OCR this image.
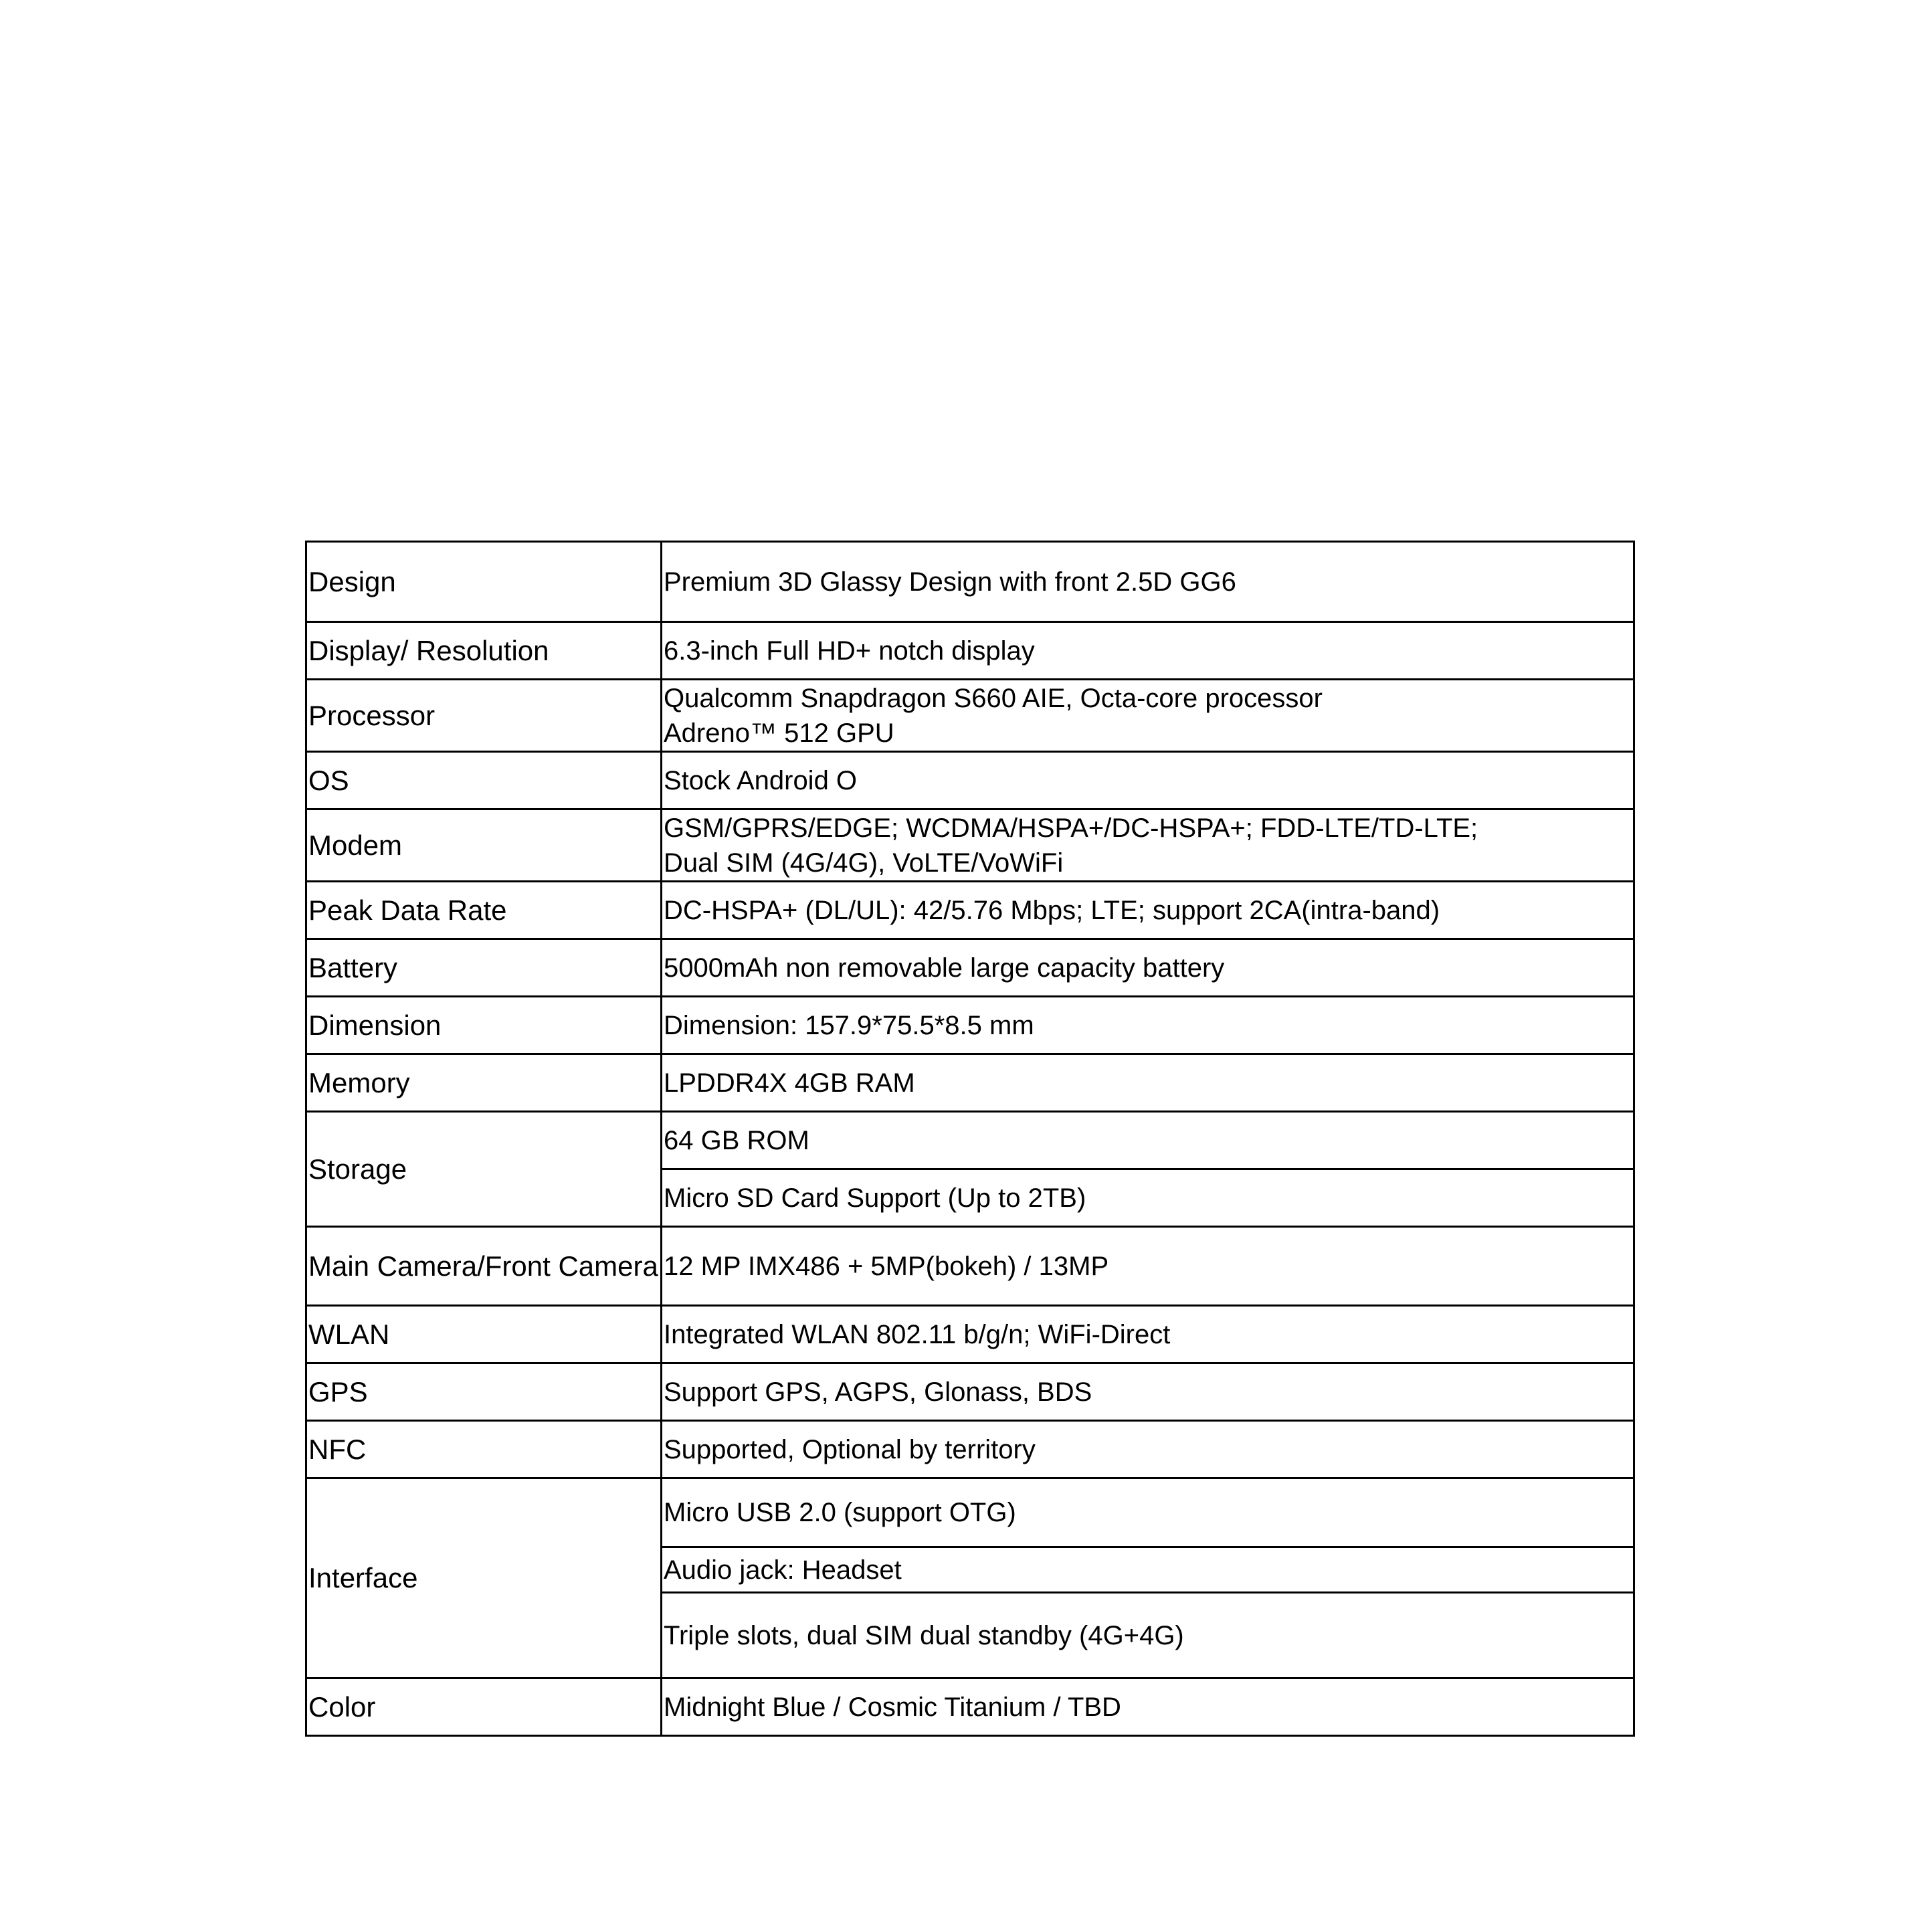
Design	Premium 3D Glassy Design with front 2.5D GG6
Display/ Resolution	6.3-inch Full HD+ notch display
Processor	Qualcomm Snapdragon S660 AIE, Octa-core processor
Adreno™ 512 GPU

OS	Stock Android O
Modem	GSM/GPRS/EDGE; WCDMA/HSPA+/DC-HSPA+; FDD-LTE/TD-LTE;
Dual SIM (4G/4G), VoLTE/VoWiFi

Peak Data Rate	DC-HSPA+ (DL/UL): 42/5.76 Mbps; LTE; support 2CA(intra-band)
Battery	5000mAh non removable large capacity battery
Dimension	Dimension: 157.9*75.5*8.5 mm
Memory	LPDDR4X 4GB RAM
Storage	64 GB ROM
	Micro SD Card Support (Up to 2TB)
Main Camera/Front Camera	12 MP IMX486 + 5MP(bokeh) / 13MP
WLAN	Integrated WLAN 802.11 b/g/n; WiFi-Direct
GPS	Support GPS, AGPS, Glonass, BDS
NFC	Supported, Optional by territory
Interface	Micro USB 2.0 (support OTG)
	Audio jack: Headset
	Triple slots, dual SIM dual standby (4G+4G)
Color	Midnight Blue / Cosmic Titanium / TBD
